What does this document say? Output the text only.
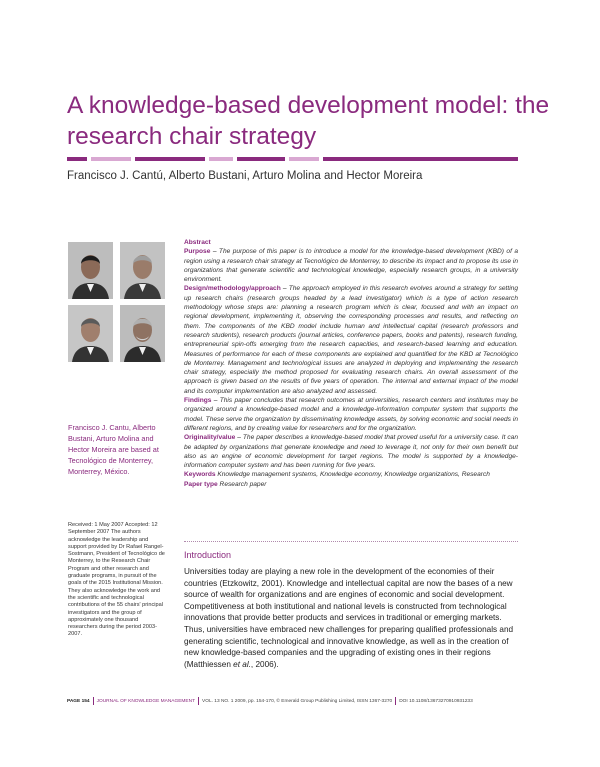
A knowledge-based development model: the research chair strategy
Francisco J. Cantú, Alberto Bustani, Arturo Molina and Hector Moreira
Francisco J. Cantu, Alberto Bustani, Arturo Molina and Hector Moreira are based at Tecnológico de Monterrey, Monterrey, México.
Received: 1 May 2007 Accepted: 12 September 2007 The authors acknowledge the leadership and support provided by Dr Rafael Rangel-Sostmann, President of Tecnológico de Monterrey, to the Research Chair Program and other research and graduate programs, in pursuit of the goals of the 2015 Institutional Mission. They also acknowledge the work and the scientific and technological contributions of the 55 chairs' principal investigators and the group of approximately one thousand researchers during the period 2003-2007.

Abstract

Purpose – The purpose of this paper is to introduce a model for the knowledge-based development (KBD) of a region using a research chair strategy at Tecnológico de Monterrey, to describe its impact and to propose its use in organizations that generate scientific and technological knowledge, especially research groups, in a university environment.

Design/methodology/approach – The approach employed in this research evolves around a strategy for setting up research chairs (research groups headed by a lead investigator) which is a type of action research methodology whose steps are: planning a research program which is clear, focused and with an impact on regional development, implementing it, observing the corresponding processes and results, and reflecting on them. The components of the KBD model include human and intellectual capital (research professors and research students), research products (journal articles, conference papers, books and patents), research funding, entrepreneurial spin-offs emerging from the research capacities, and research-based learning and education. Measures of performance for each of these components are explained and quantified for the KBD at Tecnológico de Monterrey. Management and technological issues are analyzed in deploying and implementing the research chair strategy, especially the method proposed for evaluating research chairs. An overall assessment of the approach is given based on the results of five years of operation. The internal and external impact of the model and its computer implementation are also analyzed and assessed.

Findings – This paper concludes that research outcomes at universities, research centers and institutes may be organized around a knowledge-based model and a knowledge-information computer system that supports the model. These serve the organization by disseminating knowledge assets, by solving economic and social needs in different regions, and by creating value for researchers and for the organization.

Originality/value – The paper describes a knowledge-based model that proved useful for a university case. It can be adapted by organizations that generate knowledge and need to leverage it, not only for their own benefit but also as an engine of economic development for target regions. The model is supported by a knowledge-information computer system and has been running for five years.

Keywords Knowledge management systems, Knowledge economy, Knowledge organizations, Research

Paper type Research paper

Introduction

Universities today are playing a new role in the development of the economies of their countries (Etzkowitz, 2001). Knowledge and intellectual capital are now the bases of a new source of wealth for organizations and are engines of economic and social development. Competitiveness at both institutional and national levels is constructed from technological innovations that provide better products and services in traditional or emerging markets. Thus, universities have embraced new challenges for preparing qualified professionals and generating scientific, technological and innovative knowledge, as well as in the creation of new knowledge-based companies and the upgrading of existing ones in their regions (Matthiessen et al., 2006).

PAGE 154 JOURNAL OF KNOWLEDGE MANAGEMENT VOL. 13 NO. 1 2009, pp. 154-170, © Emerald Group Publishing Limited, ISSN 1367-3270 DOI 10.1108/13673270910931233
